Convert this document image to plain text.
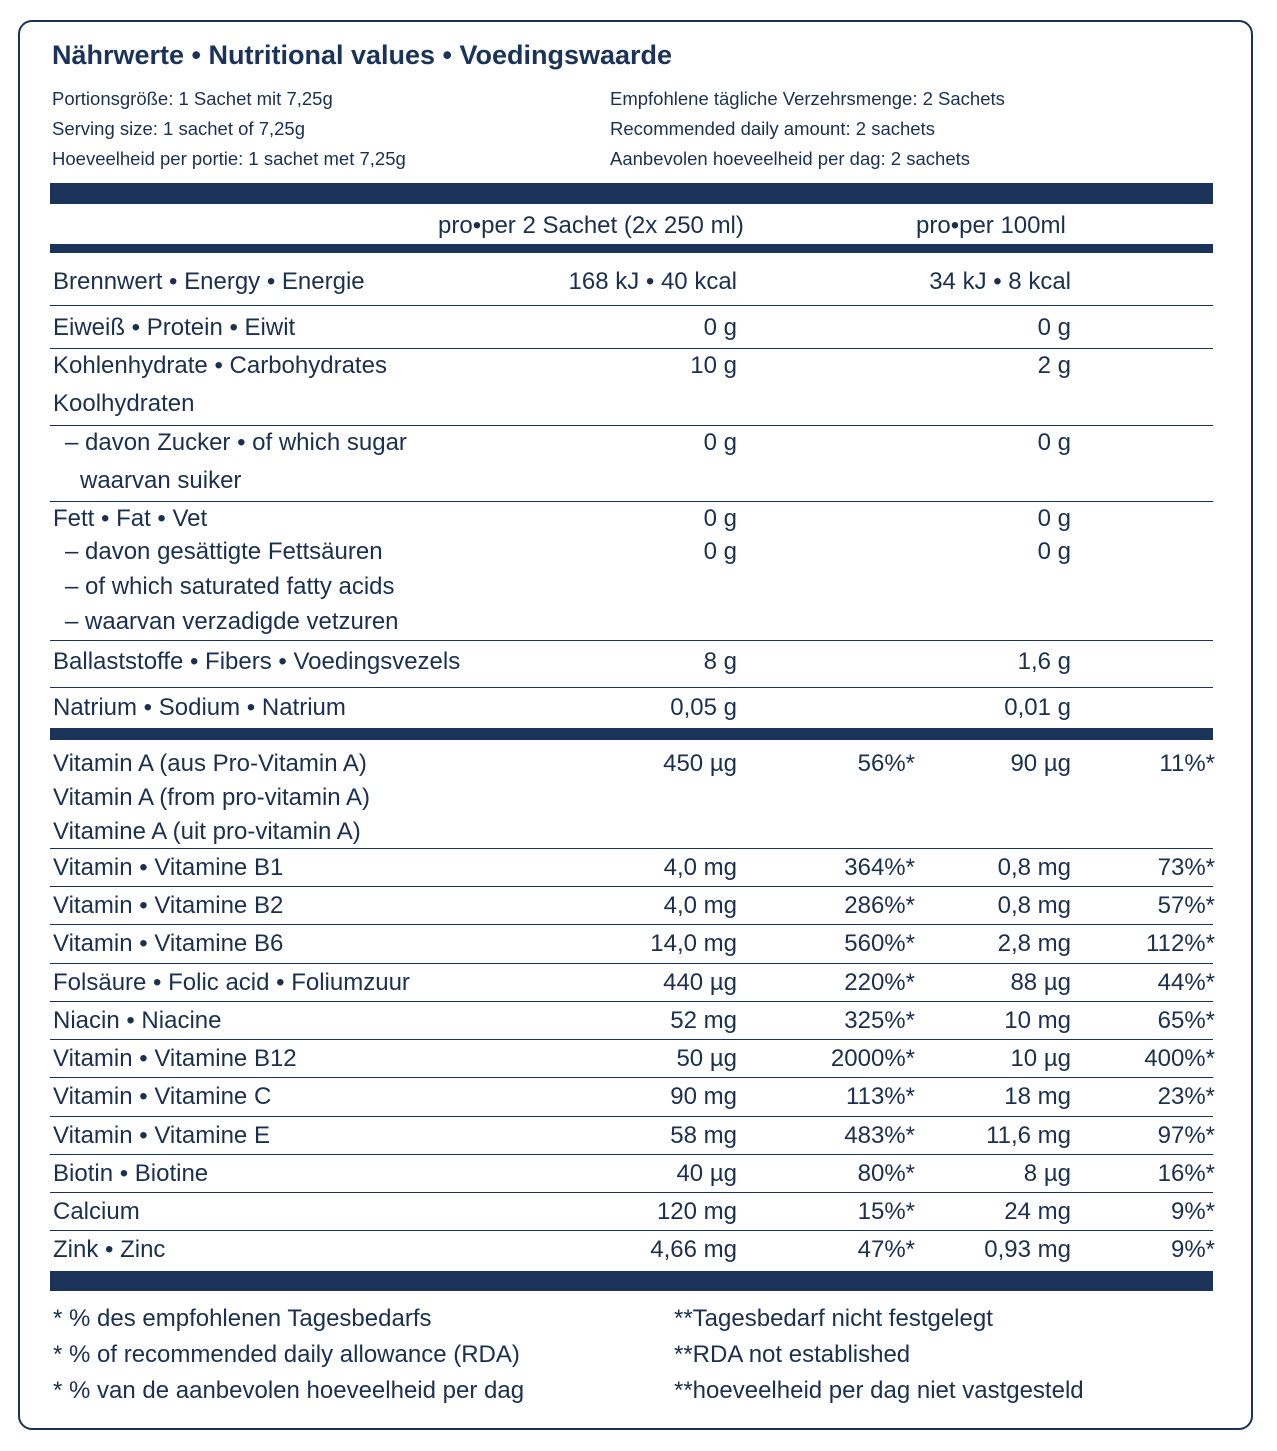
Nährwerte • Nutritional values • Voedingswaarde
Portionsgröße: 1 Sachet mit 7,25g
Serving size: 1 sachet of 7,25g
Hoeveelheid per portie: 1 sachet met 7,25g
Empfohlene tägliche Verzehrsmenge: 2 Sachets
Recommended daily amount: 2 sachets
Aanbevolen hoeveelheid per dag: 2 sachets
pro•per 2 Sachet (2x 250 ml)	pro•per 100ml
Brennwert • Energy • Energie	168 kJ • 40 kcal	34 kJ • 8 kcal
Eiweiß • Protein • Eiwit	0 g	0 g
Kohlenhydrate • Carbohydrates
Koolhydraten
10 g	2 g
– davon Zucker • of which sugar
waarvan suiker
0 g	0 g
Fett • Fat • Vet	0 g	0 g
– davon gesättigte Fettsäuren
– of which saturated fatty acids
– waarvan verzadigde vetzuren
0 g	0 g
Ballaststoffe • Fibers • Voedingsvezels	8 g	1,6 g
Natrium • Sodium • Natrium	0,05 g	0,01 g
Vitamin A (aus Pro-Vitamin A)
Vitamin A (from pro-vitamin A)
Vitamine A (uit pro-vitamin A)
450 µg	56%*	90 µg	11%*
Vitamin • Vitamine B1	4,0 mg	364%*	0,8 mg	73%*
Vitamin • Vitamine B2	4,0 mg	286%*	0,8 mg	57%*
Vitamin • Vitamine B6	14,0 mg	560%*	2,8 mg	112%*
Folsäure • Folic acid • Foliumzuur	440 µg	220%*	88 µg	44%*
Niacin • Niacine	52 mg	325%*	10 mg	65%*
Vitamin • Vitamine B12	50 µg	2000%*	10 µg	400%*
Vitamin • Vitamine C	90 mg	113%*	18 mg	23%*
Vitamin • Vitamine E	58 mg	483%*	11,6 mg	97%*
Biotin • Biotine	40 µg	80%*	8 µg	16%*
Calcium	120 mg	15%*	24 mg	9%*
Zink • Zinc	4,66 mg	47%*	0,93 mg	9%*
* % des empfohlenen Tagesbedarfs
* % of recommended daily allowance (RDA)
* % van de aanbevolen hoeveelheid per dag
**Tagesbedarf nicht festgelegt
**RDA not established
**hoeveelheid per dag niet vastgesteld
